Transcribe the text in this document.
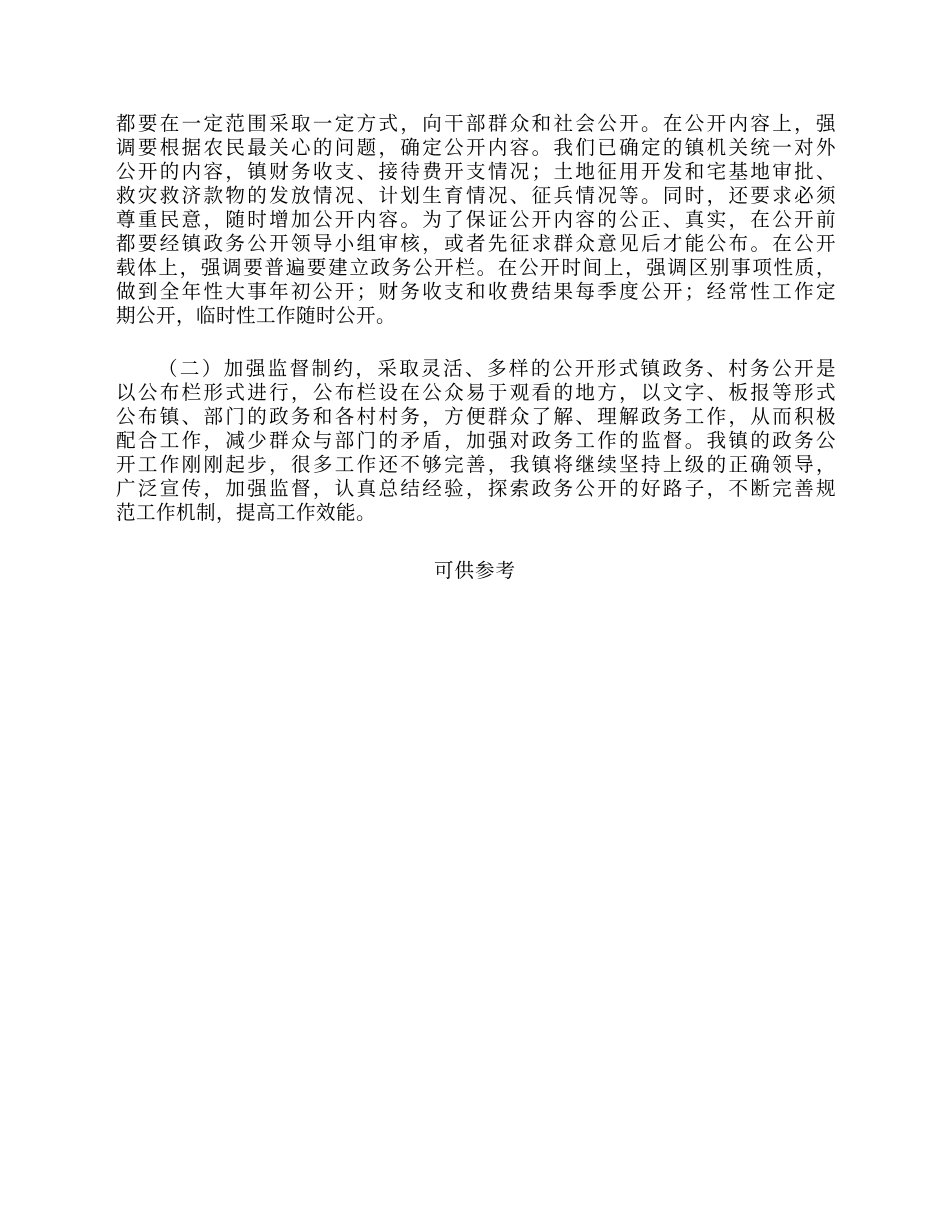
都要在一定范围采取一定方式，向干部群众和社会公开。在公开内容上，强
调要根据农民最关心的问题，确定公开内容。我们已确定的镇机关统一对外
公开的内容，镇财务收支、接待费开支情况；土地征用开发和宅基地审批、
救灾救济款物的发放情况、计划生育情况、征兵情况等。同时，还要求必须
尊重民意，随时增加公开内容。为了保证公开内容的公正、真实，在公开前
都要经镇政务公开领导小组审核，或者先征求群众意见后才能公布。在公开
载体上，强调要普遍要建立政务公开栏。在公开时间上，强调区别事项性质，
做到全年性大事年初公开；财务收支和收费结果每季度公开；经常性工作定
期公开，临时性工作随时公开。
（二）加强监督制约，采取灵活、多样的公开形式镇政务、村务公开是
以公布栏形式进行，公布栏设在公众易于观看的地方，以文字、板报等形式
公布镇、部门的政务和各村村务，方便群众了解、理解政务工作，从而积极
配合工作，减少群众与部门的矛盾，加强对政务工作的监督。我镇的政务公
开工作刚刚起步，很多工作还不够完善，我镇将继续坚持上级的正确领导，
广泛宣传，加强监督，认真总结经验，探索政务公开的好路子，不断完善规
范工作机制，提高工作效能。
可供参考
